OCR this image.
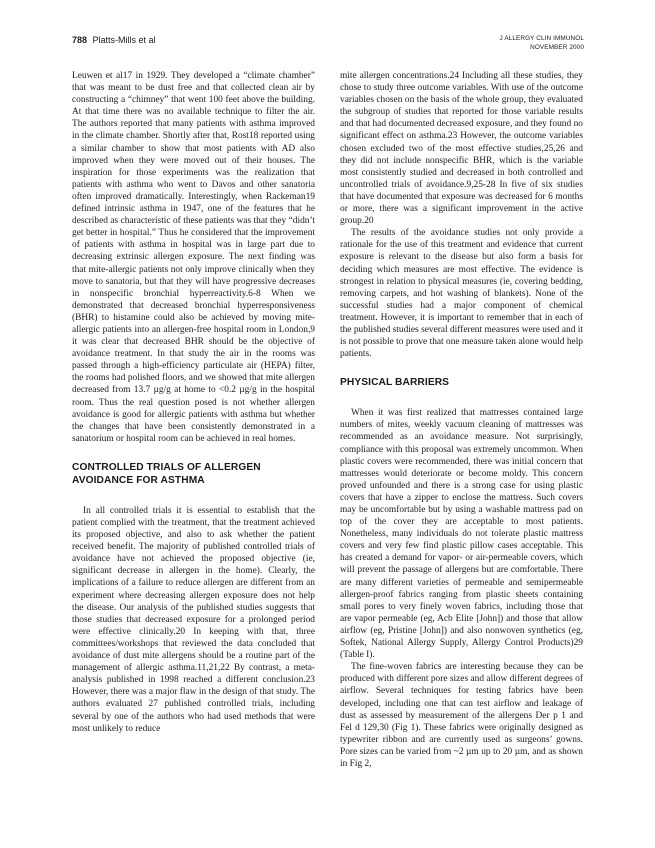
788 Platts-Mills et al	J ALLERGY CLIN IMMUNOL
NOVEMBER 2000

Leuwen et al17 in 1929. They developed a “climate chamber” that was meant to be dust free and that collected clean air by constructing a “chimney” that went 100 feet above the building. At that time there was no available technique to filter the air. The authors reported that many patients with asthma improved in the climate chamber. Shortly after that, Rost18 reported using a similar chamber to show that most patients with AD also improved when they were moved out of their houses. The inspiration for those experiments was the realization that patients with asthma who went to Davos and other sanatoria often improved dramatically. Interestingly, when Rackeman19 defined intrinsic asthma in 1947, one of the features that he described as characteristic of these patients was that they “didn’t get better in hospital.” Thus he considered that the improvement of patients with asthma in hospital was in large part due to decreasing extrinsic allergen exposure. The next finding was that mite-allergic patients not only improve clinically when they move to sanatoria, but that they will have progressive decreases in nonspecific bronchial hyperreactivity.6-8 When we demonstrated that decreased bronchial hyperresponsiveness (BHR) to histamine could also be achieved by moving mite-allergic patients into an allergen-free hospital room in London,9 it was clear that decreased BHR should be the objective of avoidance treatment. In that study the air in the rooms was passed through a high-efficiency particulate air (HEPA) filter, the rooms had polished floors, and we showed that mite allergen decreased from 13.7 µg/g at home to <0.2 µg/g in the hospital room. Thus the real question posed is not whether allergen avoidance is good for allergic patients with asthma but whether the changes that have been consistently demonstrated in a sanatorium or hospital room can be achieved in real homes.

CONTROLLED TRIALS OF ALLERGEN AVOIDANCE FOR ASTHMA

In all controlled trials it is essential to establish that the patient complied with the treatment, that the treatment achieved its proposed objective, and also to ask whether the patient received benefit. The majority of published controlled trials of avoidance have not achieved the proposed objective (ie, significant decrease in allergen in the home). Clearly, the implications of a failure to reduce allergen are different from an experiment where decreasing allergen exposure does not help the disease. Our analysis of the published studies suggests that those studies that decreased exposure for a prolonged period were effective clinically.20 In keeping with that, three committees/workshops that reviewed the data concluded that avoidance of dust mite allergens should be a routine part of the management of allergic asthma.11,21,22 By contrast, a meta-analysis published in 1998 reached a different conclusion.23 However, there was a major flaw in the design of that study. The authors evaluated 27 published controlled trials, including several by one of the authors who had used methods that were most unlikely to reduce

mite allergen concentrations.24 Including all these studies, they chose to study three outcome variables. With use of the outcome variables chosen on the basis of the whole group, they evaluated the subgroup of studies that reported for those variable results and that had documented decreased exposure, and they found no significant effect on asthma.23 However, the outcome variables chosen excluded two of the most effective studies,25,26 and they did not include nonspecific BHR, which is the variable most consistently studied and decreased in both controlled and uncontrolled trials of avoidance.9,25-28 In five of six studies that have documented that exposure was decreased for 6 months or more, there was a significant improvement in the active group.20

The results of the avoidance studies not only provide a rationale for the use of this treatment and evidence that current exposure is relevant to the disease but also form a basis for deciding which measures are most effective. The evidence is strongest in relation to physical measures (ie, covering bedding, removing carpets, and hot washing of blankets). None of the successful studies had a major component of chemical treatment. However, it is important to remember that in each of the published studies several different measures were used and it is not possible to prove that one measure taken alone would help patients.

PHYSICAL BARRIERS

When it was first realized that mattresses contained large numbers of mites, weekly vacuum cleaning of mattresses was recommended as an avoidance measure. Not surprisingly, compliance with this proposal was extremely uncommon. When plastic covers were recommended, there was initial concern that mattresses would deteriorate or become moldy. This concern proved unfounded and there is a strong case for using plastic covers that have a zipper to enclose the mattress. Such covers may be uncomfortable but by using a washable mattress pad on top of the cover they are acceptable to most patients. Nonetheless, many individuals do not tolerate plastic mattress covers and very few find plastic pillow cases acceptable. This has created a demand for vapor- or air-permeable covers, which will prevent the passage of allergens but are comfortable. There are many different varieties of permeable and semipermeable allergen-proof fabrics ranging from plastic sheets containing small pores to very finely woven fabrics, including those that are vapor permeable (eg, Acb Elite [John]) and those that allow airflow (eg, Pristine [John]) and also nonwoven synthetics (eg, Softek, National Allergy Supply, Allergy Control Products)29 (Table I).

The fine-woven fabrics are interesting because they can be produced with different pore sizes and allow different degrees of airflow. Several techniques for testing fabrics have been developed, including one that can test airflow and leakage of dust as assessed by measurement of the allergens Der p 1 and Fel d 129,30 (Fig 1). These fabrics were originally designed as typewriter ribbon and are currently used as surgeons’ gowns. Pore sizes can be varied from ~2 µm up to 20 µm, and as shown in Fig 2,
